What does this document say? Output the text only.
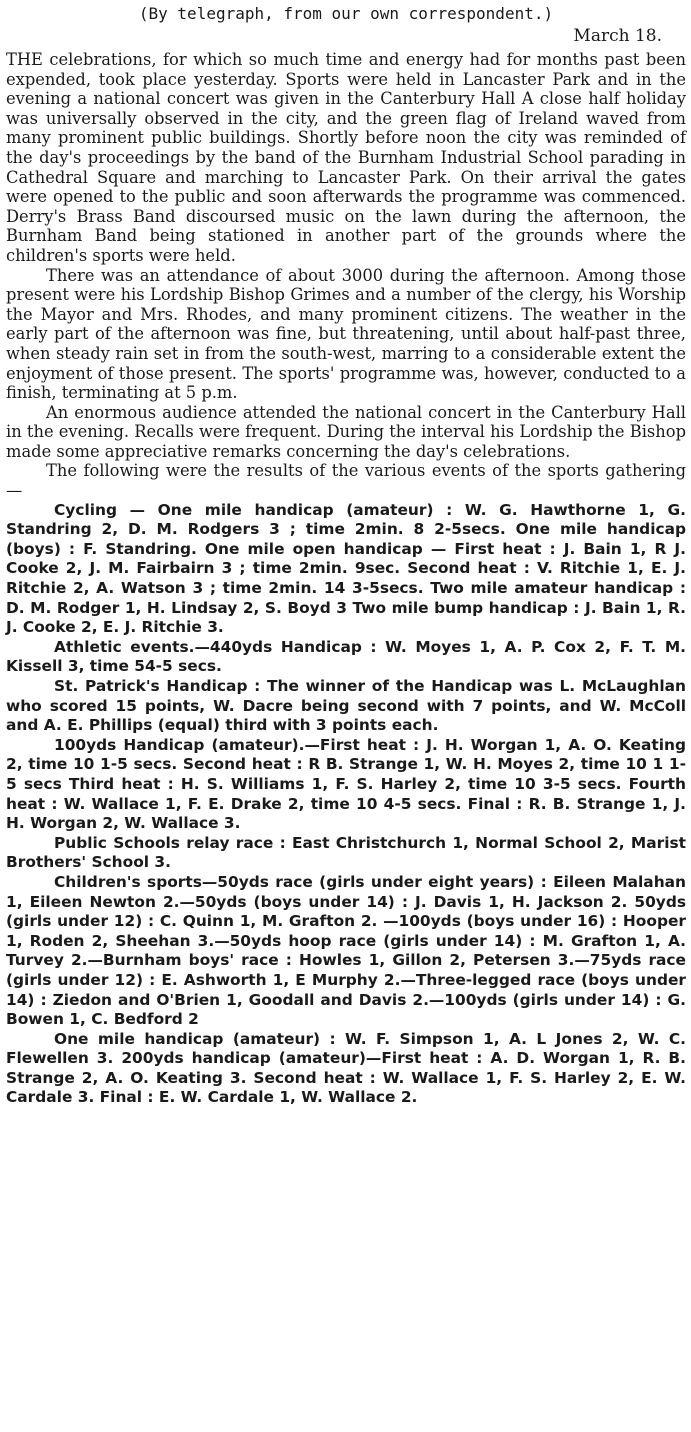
(By telegraph, from our own correspondent.)
March 18.

THE celebrations, for which so much time and energy had for months past been expended, took place yesterday. Sports were held in Lancaster Park and in the evening a national concert was given in the Canterbury Hall A close half holiday was universally observed in the city, and the green flag of Ireland waved from many prominent public buildings. Shortly before noon the city was reminded of the day's proceedings by the band of the Burnham Industrial School parading in Cathedral Square and marching to Lancaster Park. On their arrival the gates were opened to the public and soon afterwards the programme was commenced. Derry's Brass Band discoursed music on the lawn during the afternoon, the Burnham Band being stationed in another part of the grounds where the children's sports were held.

There was an attendance of about 3000 during the afternoon. Among those present were his Lordship Bishop Grimes and a number of the clergy, his Worship the Mayor and Mrs. Rhodes, and many prominent citizens. The weather in the early part of the afternoon was fine, but threatening, until about half-past three, when steady rain set in from the south-west, marring to a considerable extent the enjoyment of those present. The sports' programme was, however, conducted to a finish, terminating at 5 p.m.

An enormous audience attended the national concert in the Canterbury Hall in the evening. Recalls were frequent. During the interval his Lordship the Bishop made some appreciative remarks concerning the day's celebrations.

The following were the results of the various events of the sports gathering —

Cycling — One mile handicap (amateur) : W. G. Hawthorne 1, G. Standring 2, D. M. Rodgers 3 ; time 2min. 8 2-5secs. One mile handicap (boys) : F. Standring. One mile open handicap — First heat : J. Bain 1, R J. Cooke 2, J. M. Fairbairn 3 ; time 2min. 9sec. Second heat : V. Ritchie 1, E. J. Ritchie 2, A. Watson 3 ; time 2min. 14 3-5secs. Two mile amateur handicap : D. M. Rodger 1, H. Lindsay 2, S. Boyd 3 Two mile bump handicap : J. Bain 1, R. J. Cooke 2, E. J. Ritchie 3.

Athletic events.—440yds Handicap : W. Moyes 1, A. P. Cox 2, F. T. M. Kissell 3, time 54-5 secs.

St. Patrick's Handicap : The winner of the Handicap was L. McLaughlan who scored 15 points, W. Dacre being second with 7 points, and W. McColl and A. E. Phillips (equal) third with 3 points each.

100yds Handicap (amateur).—First heat : J. H. Worgan 1, A. O. Keating 2, time 10 1-5 secs. Second heat : R B. Strange 1, W. H. Moyes 2, time 10 1 1-5 secs Third heat : H. S. Williams 1, F. S. Harley 2, time 10 3-5 secs. Fourth heat : W. Wallace 1, F. E. Drake 2, time 10 4-5 secs. Final : R. B. Strange 1, J. H. Worgan 2, W. Wallace 3.

Public Schools relay race : East Christchurch 1, Normal School 2, Marist Brothers' School 3.

Children's sports—50yds race (girls under eight years) : Eileen Malahan 1, Eileen Newton 2.—50yds (boys under 14) : J. Davis 1, H. Jackson 2. 50yds (girls under 12) : C. Quinn 1, M. Grafton 2. —100yds (boys under 16) : Hooper 1, Roden 2, Sheehan 3.—50yds hoop race (girls under 14) : M. Grafton 1, A. Turvey 2.—Burnham boys' race : Howles 1, Gillon 2, Petersen 3.—75yds race (girls under 12) : E. Ashworth 1, E Murphy 2.—Three-legged race (boys under 14) : Ziedon and O'Brien 1, Goodall and Davis 2.—100yds (girls under 14) : G. Bowen 1, C. Bedford 2

One mile handicap (amateur) : W. F. Simpson 1, A. L Jones 2, W. C. Flewellen 3. 200yds handicap (amateur)—First heat : A. D. Worgan 1, R. B. Strange 2, A. O. Keating 3. Second heat : W. Wallace 1, F. S. Harley 2, E. W. Cardale 3. Final : E. W. Cardale 1, W. Wallace 2.
